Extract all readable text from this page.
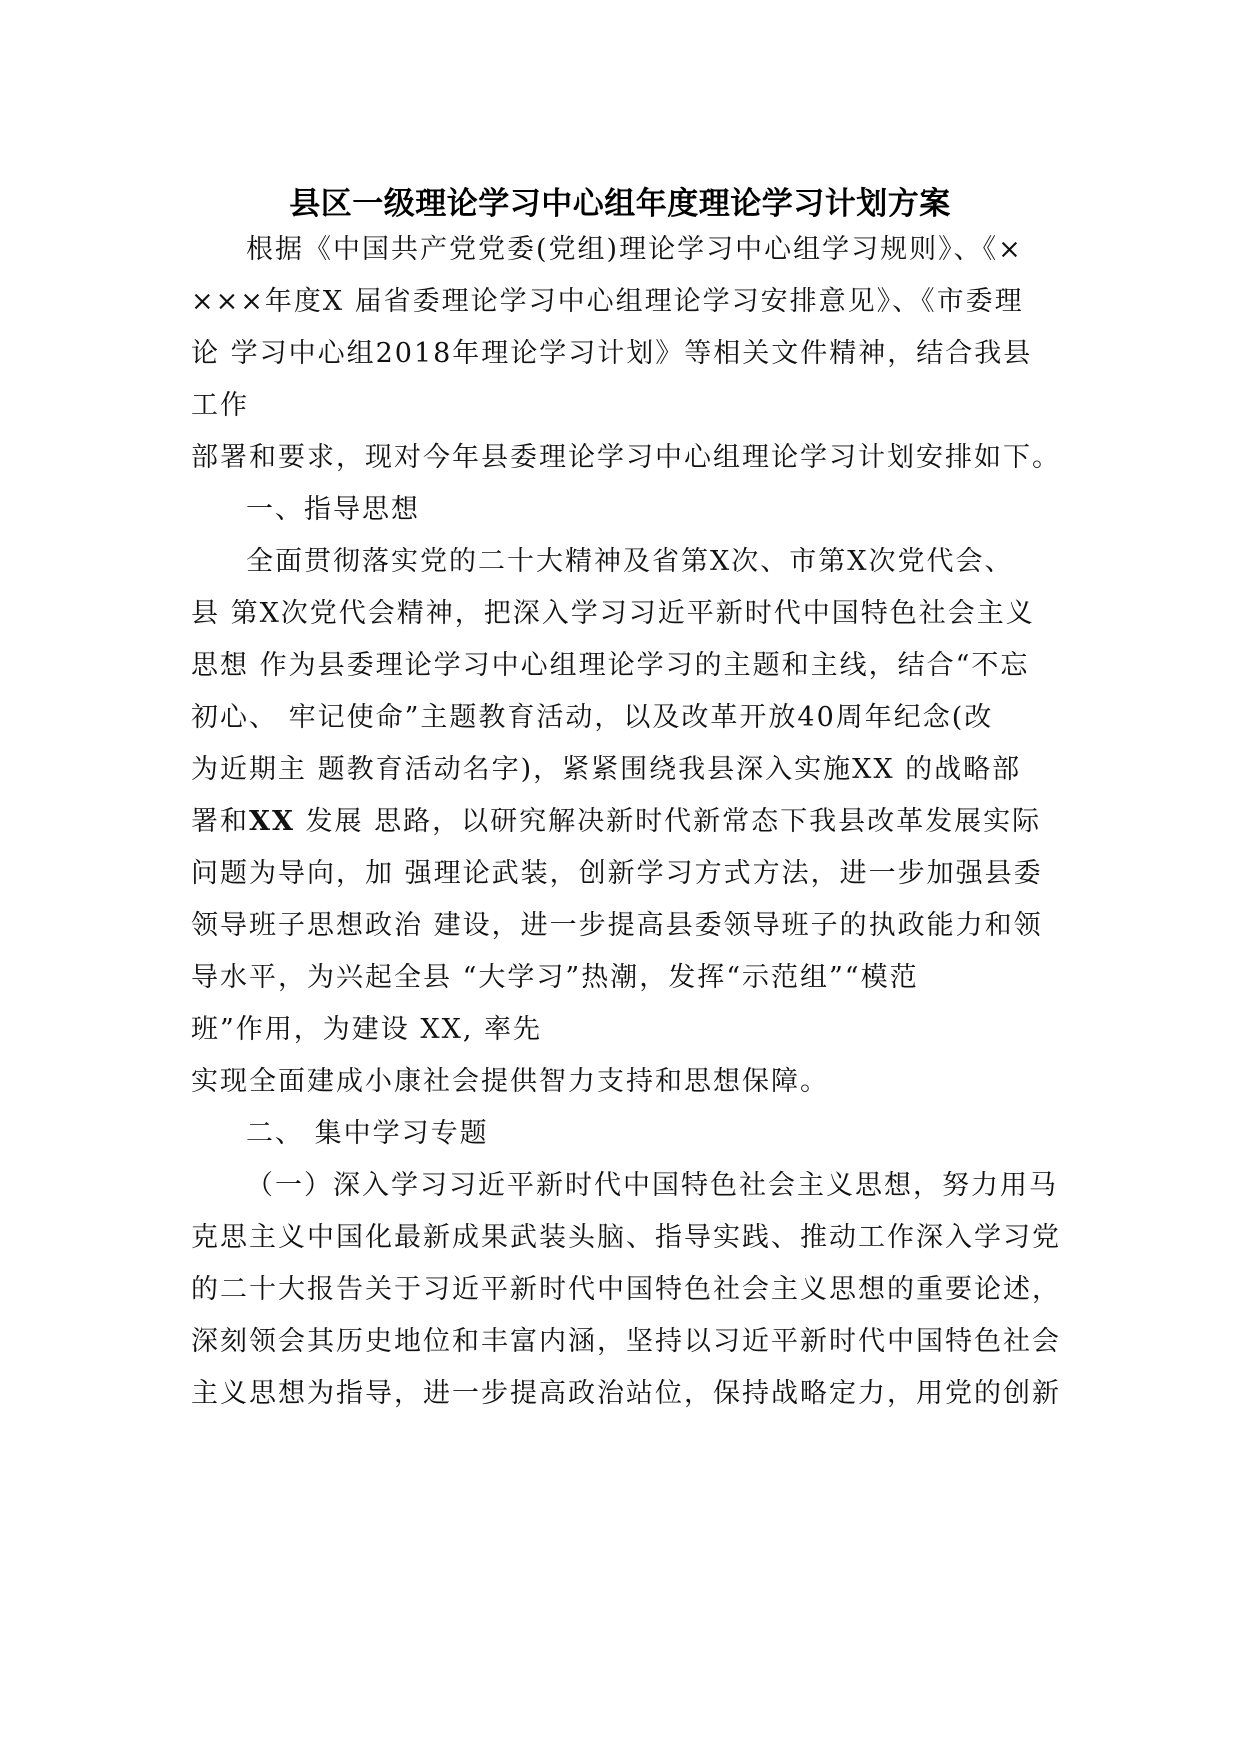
县区一级理论学习中心组年度理论学习计划方案
根据《中国共产党党委(党组)理论学习中心组学习规则》、《×
×××年度X 届省委理论学习中心组理论学习安排意见》、《市委理
论 学习中心组2018年理论学习计划》等相关文件精神，结合我县
工作
部署和要求，现对今年县委理论学习中心组理论学习计划安排如下。
一、指导思想
全面贯彻落实党的二十大精神及省第X次、市第X次党代会、
县 第X次党代会精神，把深入学习习近平新时代中国特色社会主义
思想 作为县委理论学习中心组理论学习的主题和主线，结合“不忘
初心、 牢记使命”主题教育活动，以及改革开放40周年纪念(改
为近期主 题教育活动名字)，紧紧围绕我县深入实施XX 的战略部
署和XX 发展 思路，以研究解决新时代新常态下我县改革发展实际
问题为导向，加 强理论武装，创新学习方式方法，进一步加强县委
领导班子思想政治 建设，进一步提高县委领导班子的执政能力和领
导水平，为兴起全县 “大学习”热潮，发挥“示范组”“模范
班”作用，为建设 XX, 率先
实现全面建成小康社会提供智力支持和思想保障。
二、 集中学习专题
（一）深入学习习近平新时代中国特色社会主义思想，努力用马
克思主义中国化最新成果武装头脑、指导实践、推动工作深入学习党
的二十大报告关于习近平新时代中国特色社会主义思想的重要论述，
深刻领会其历史地位和丰富内涵，坚持以习近平新时代中国特色社会
主义思想为指导，进一步提高政治站位，保持战略定力，用党的创新
